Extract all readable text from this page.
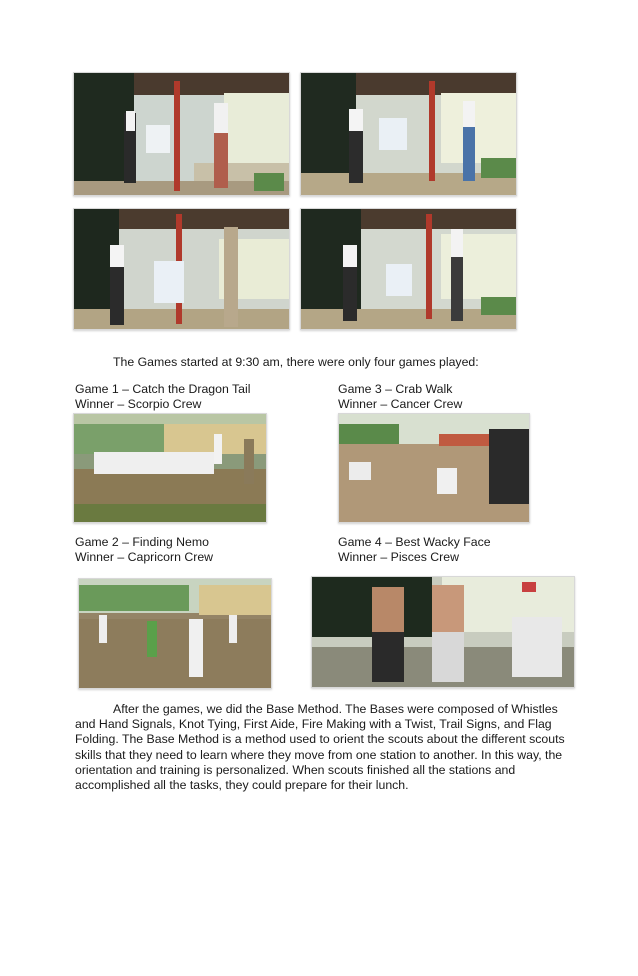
The Games started at 9:30 am, there were only four games played:
Game 1 – Catch the Dragon Tail
Winner – Scorpio Crew
Game 3 – Crab Walk
Winner – Cancer Crew
Game 2 – Finding Nemo
Winner – Capricorn Crew
Game 4 – Best Wacky Face
Winner – Pisces Crew
After the games, we did the Base Method. The Bases were composed of Whistles and Hand Signals, Knot Tying, First Aide, Fire Making with a Twist, Trail Signs, and Flag Folding. The Base Method is a method used to orient the scouts about the different scouts skills that they need to learn where they move from one station to another. In this way, the orientation and training is personalized. When scouts finished all the stations and accomplished all the tasks, they could prepare for their lunch.
